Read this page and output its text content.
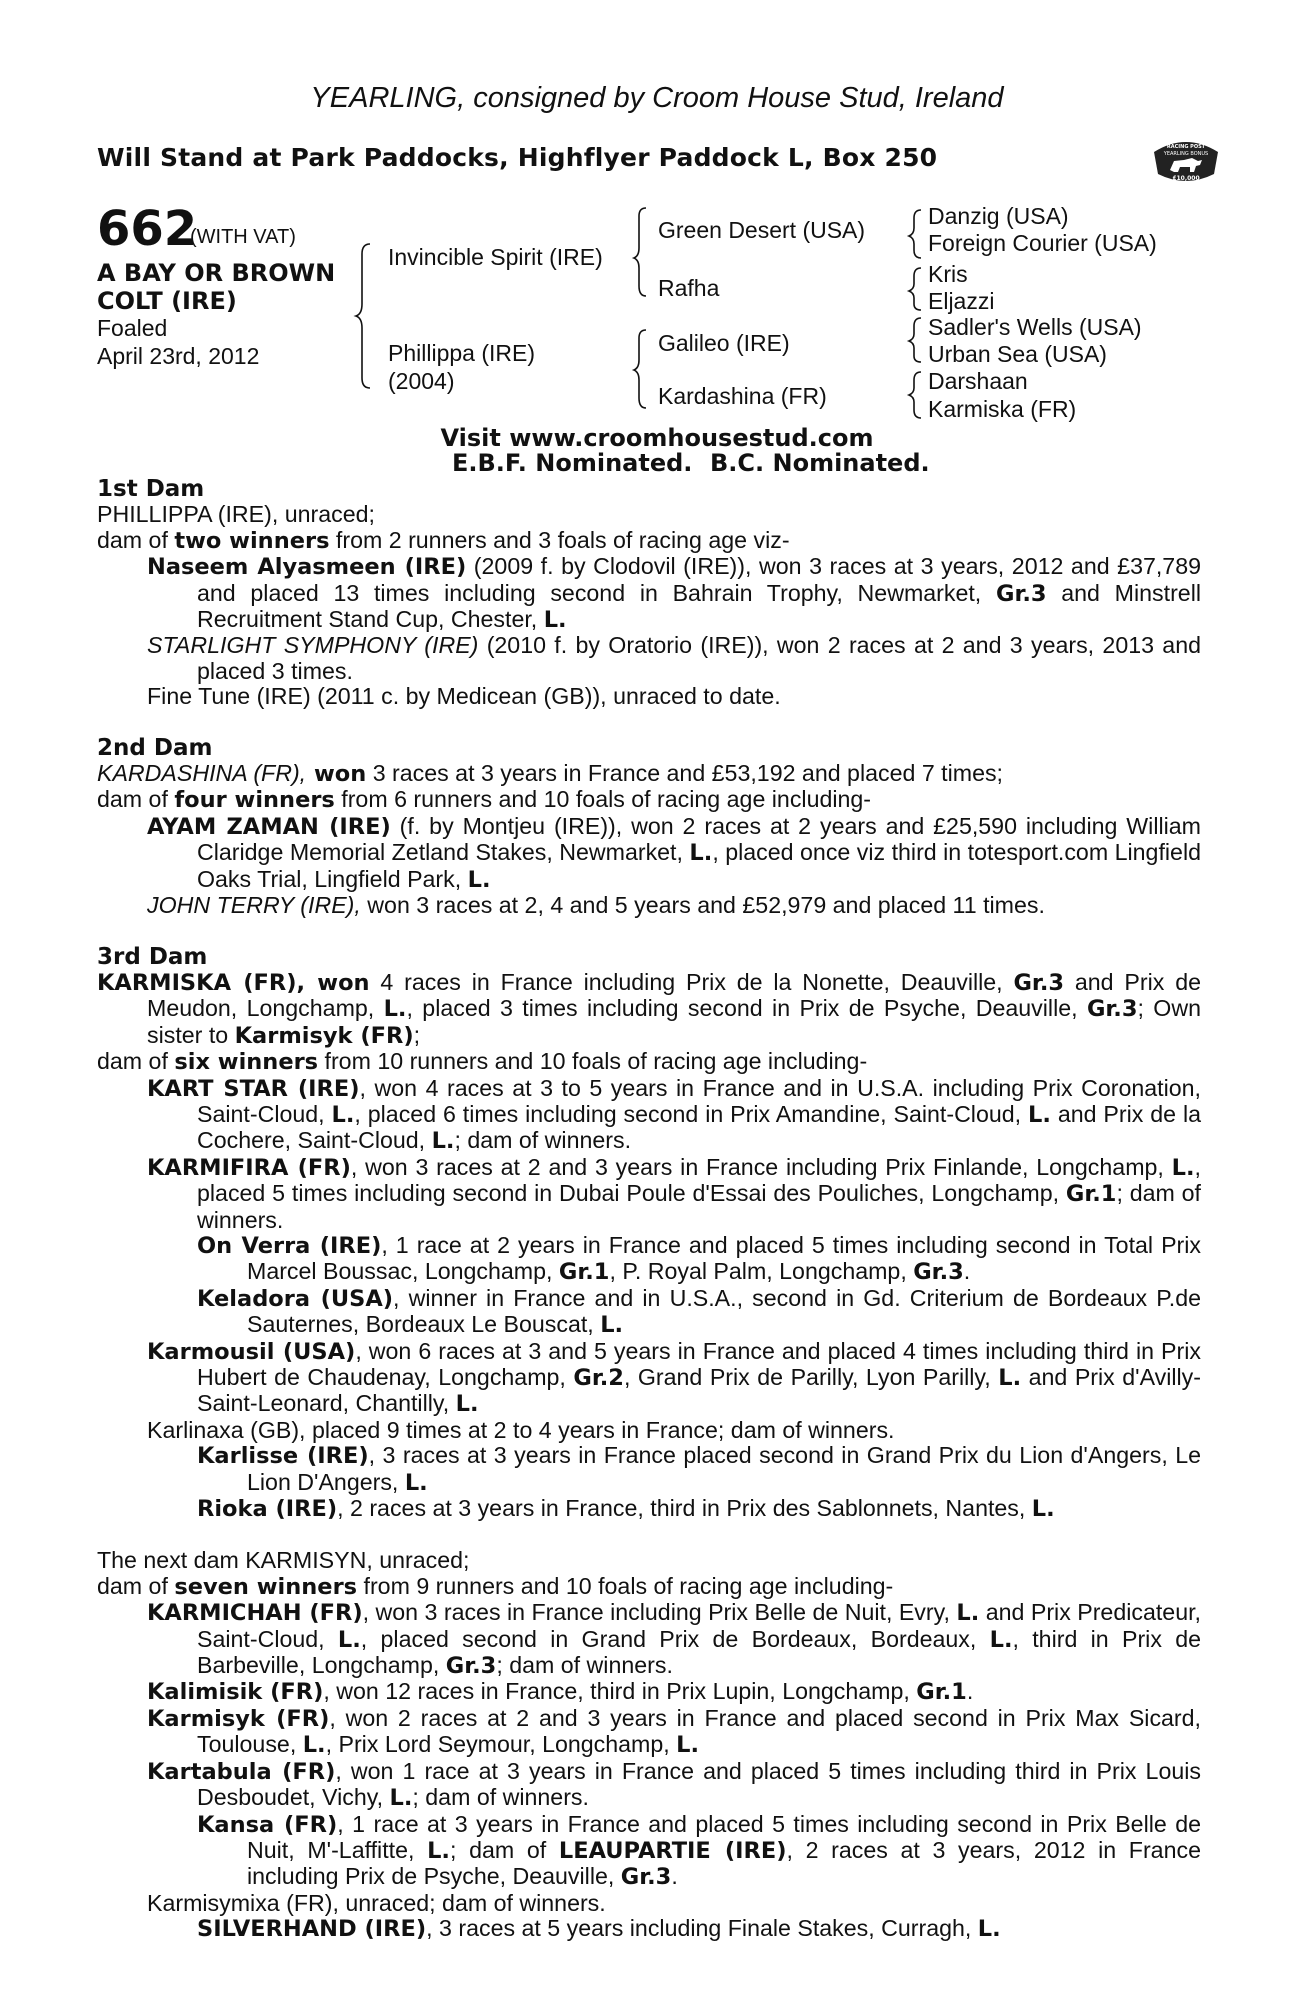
YEARLING, consigned by Croom House Stud, Ireland
Will Stand at Park Paddocks, Highflyer Paddock L, Box 250	RACING POST
YEARLING BONUS
£10,000
662
(WITH VAT)
A BAY OR BROWN
COLT (IRE)
Foaled
April 23rd, 2012
Invincible Spirit (IRE)
Phillippa (IRE)
(2004)
Green Desert (USA)
Rafha
Galileo (IRE)
Kardashina (FR)
Danzig (USA)
Foreign Courier (USA)
Kris
Eljazzi
Sadler's Wells (USA)
Urban Sea (USA)
Darshaan
Karmiska (FR)
Visit www.croomhousestud.com
E.B.F. Nominated. B.C. Nominated.

1st Dam

PHILLIPPA (IRE), unraced;

dam of two winners from 2 runners and 3 foals of racing age viz-

Naseem Alyasmeen (IRE) (2009 f. by Clodovil (IRE)), won 3 races at 3 years, 2012 and £37,789 and placed 13 times including second in Bahrain Trophy, Newmarket, Gr.3 and Minstrell Recruitment Stand Cup, Chester, L.

STARLIGHT SYMPHONY (IRE) (2010 f. by Oratorio (IRE)), won 2 races at 2 and 3 years, 2013 and placed 3 times.

Fine Tune (IRE) (2011 c. by Medicean (GB)), unraced to date.

2nd Dam

KARDASHINA (FR), won 3 races at 3 years in France and £53,192 and placed 7 times;

dam of four winners from 6 runners and 10 foals of racing age including-

AYAM ZAMAN (IRE) (f. by Montjeu (IRE)), won 2 races at 2 years and £25,590 including William Claridge Memorial Zetland Stakes, Newmarket, L., placed once viz third in totesport.com Lingfield Oaks Trial, Lingfield Park, L.

JOHN TERRY (IRE), won 3 races at 2, 4 and 5 years and £52,979 and placed 11 times.

3rd Dam

KARMISKA (FR), won 4 races in France including Prix de la Nonette, Deauville, Gr.3 and Prix de Meudon, Longchamp, L., placed 3 times including second in Prix de Psyche, Deauville, Gr.3; Own sister to Karmisyk (FR);

dam of six winners from 10 runners and 10 foals of racing age including-

KART STAR (IRE), won 4 races at 3 to 5 years in France and in U.S.A. including Prix Coronation, Saint-Cloud, L., placed 6 times including second in Prix Amandine, Saint-Cloud, L. and Prix de la Cochere, Saint-Cloud, L.; dam of winners.

KARMIFIRA (FR), won 3 races at 2 and 3 years in France including Prix Finlande, Longchamp, L., placed 5 times including second in Dubai Poule d'Essai des Pouliches, Longchamp, Gr.1; dam of winners.

On Verra (IRE), 1 race at 2 years in France and placed 5 times including second in Total Prix Marcel Boussac, Longchamp, Gr.1, P. Royal Palm, Longchamp, Gr.3.

Keladora (USA), winner in France and in U.S.A., second in Gd. Criterium de Bordeaux P.de Sauternes, Bordeaux Le Bouscat, L.

Karmousil (USA), won 6 races at 3 and 5 years in France and placed 4 times including third in Prix Hubert de Chaudenay, Longchamp, Gr.2, Grand Prix de Parilly, Lyon Parilly, L. and Prix d'Avilly-Saint-Leonard, Chantilly, L.

Karlinaxa (GB), placed 9 times at 2 to 4 years in France; dam of winners.

Karlisse (IRE), 3 races at 3 years in France placed second in Grand Prix du Lion d'Angers, Le Lion D'Angers, L.

Rioka (IRE), 2 races at 3 years in France, third in Prix des Sablonnets, Nantes, L.

The next dam KARMISYN, unraced;

dam of seven winners from 9 runners and 10 foals of racing age including-

KARMICHAH (FR), won 3 races in France including Prix Belle de Nuit, Evry, L. and Prix Predicateur, Saint-Cloud, L., placed second in Grand Prix de Bordeaux, Bordeaux, L., third in Prix de Barbeville, Longchamp, Gr.3; dam of winners.

Kalimisik (FR), won 12 races in France, third in Prix Lupin, Longchamp, Gr.1.

Karmisyk (FR), won 2 races at 2 and 3 years in France and placed second in Prix Max Sicard, Toulouse, L., Prix Lord Seymour, Longchamp, L.

Kartabula (FR), won 1 race at 3 years in France and placed 5 times including third in Prix Louis Desboudet, Vichy, L.; dam of winners.

Kansa (FR), 1 race at 3 years in France and placed 5 times including second in Prix Belle de Nuit, M'-Laffitte, L.; dam of LEAUPARTIE (IRE), 2 races at 3 years, 2012 in France including Prix de Psyche, Deauville, Gr.3.

Karmisymixa (FR), unraced; dam of winners.

SILVERHAND (IRE), 3 races at 5 years including Finale Stakes, Curragh, L.
